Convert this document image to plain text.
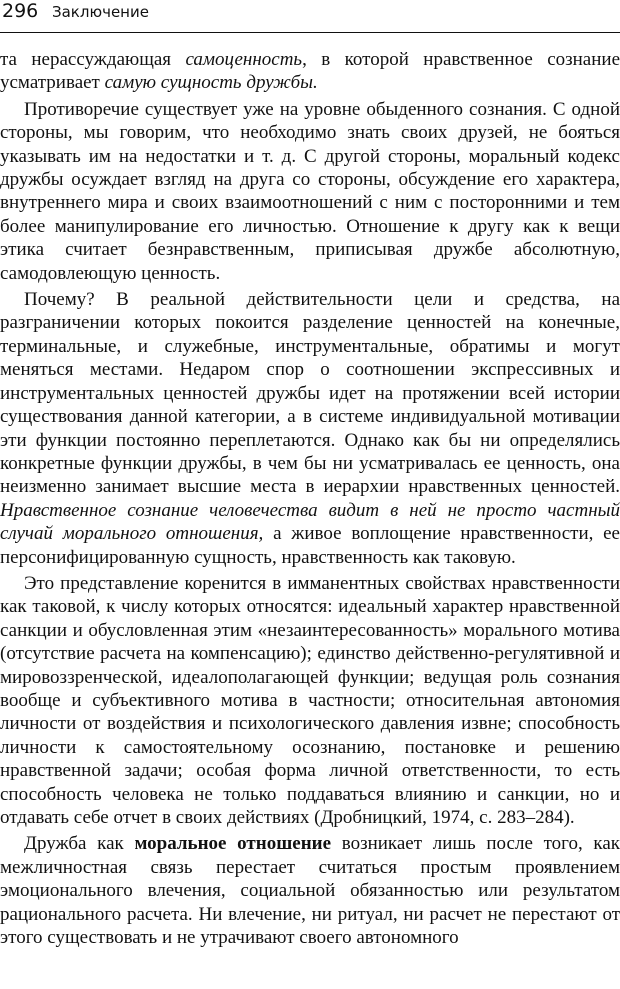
296 Заключение

та нерассуждающая самоценность, в которой нравственное сознание усматривает самую сущность дружбы.

Противоречие существует уже на уровне обыденного сознания. С одной стороны, мы говорим, что необходимо знать своих друзей, не бояться указывать им на недостатки и т. д. С другой стороны, моральный кодекс дружбы осуждает взгляд на друга со стороны, обсуждение его характера, внутреннего мира и своих взаимоотношений с ним с посторонними и тем более манипулирование его личностью. Отношение к другу как к вещи этика считает безнравственным, приписывая дружбе абсолютную, самодовлеющую ценность.

Почему? В реальной действительности цели и средства, на разграничении которых покоится разделение ценностей на конечные, терминальные, и служебные, инструментальные, обратимы и могут меняться местами. Недаром спор о соотношении экспрессивных и инструментальных ценностей дружбы идет на протяжении всей истории существования данной категории, а в системе индивидуальной мотивации эти функции постоянно переплетаются. Однако как бы ни определялись конкретные функции дружбы, в чем бы ни усматривалась ее ценность, она неизменно занимает высшие места в иерархии нравственных ценностей. Нравственное сознание человечества видит в ней не просто частный случай морального отношения, а живое воплощение нравственности, ее персонифицированную сущность, нравственность как таковую.

Это представление коренится в имманентных свойствах нравственности как таковой, к числу которых относятся: идеальный характер нравственной санкции и обусловленная этим «незаинтересованность» морального мотива (отсутствие расчета на компенсацию); единство действенно-регулятивной и мировоззренческой, идеалополагающей функции; ведущая роль сознания вообще и субъективного мотива в частности; относительная автономия личности от воздействия и психологического давления извне; способность личности к самостоятельному осознанию, постановке и решению нравственной задачи; особая форма личной ответственности, то есть способность человека не только поддаваться влиянию и санкции, но и отдавать себе отчет в своих действиях (Дробницкий, 1974, с. 283–284).

Дружба как моральное отношение возникает лишь после того, как межличностная связь перестает считаться простым проявлением эмоционального влечения, социальной обязанностью или результатом рационального расчета. Ни влечение, ни ритуал, ни расчет не перестают от этого существовать и не утрачивают своего автономного
